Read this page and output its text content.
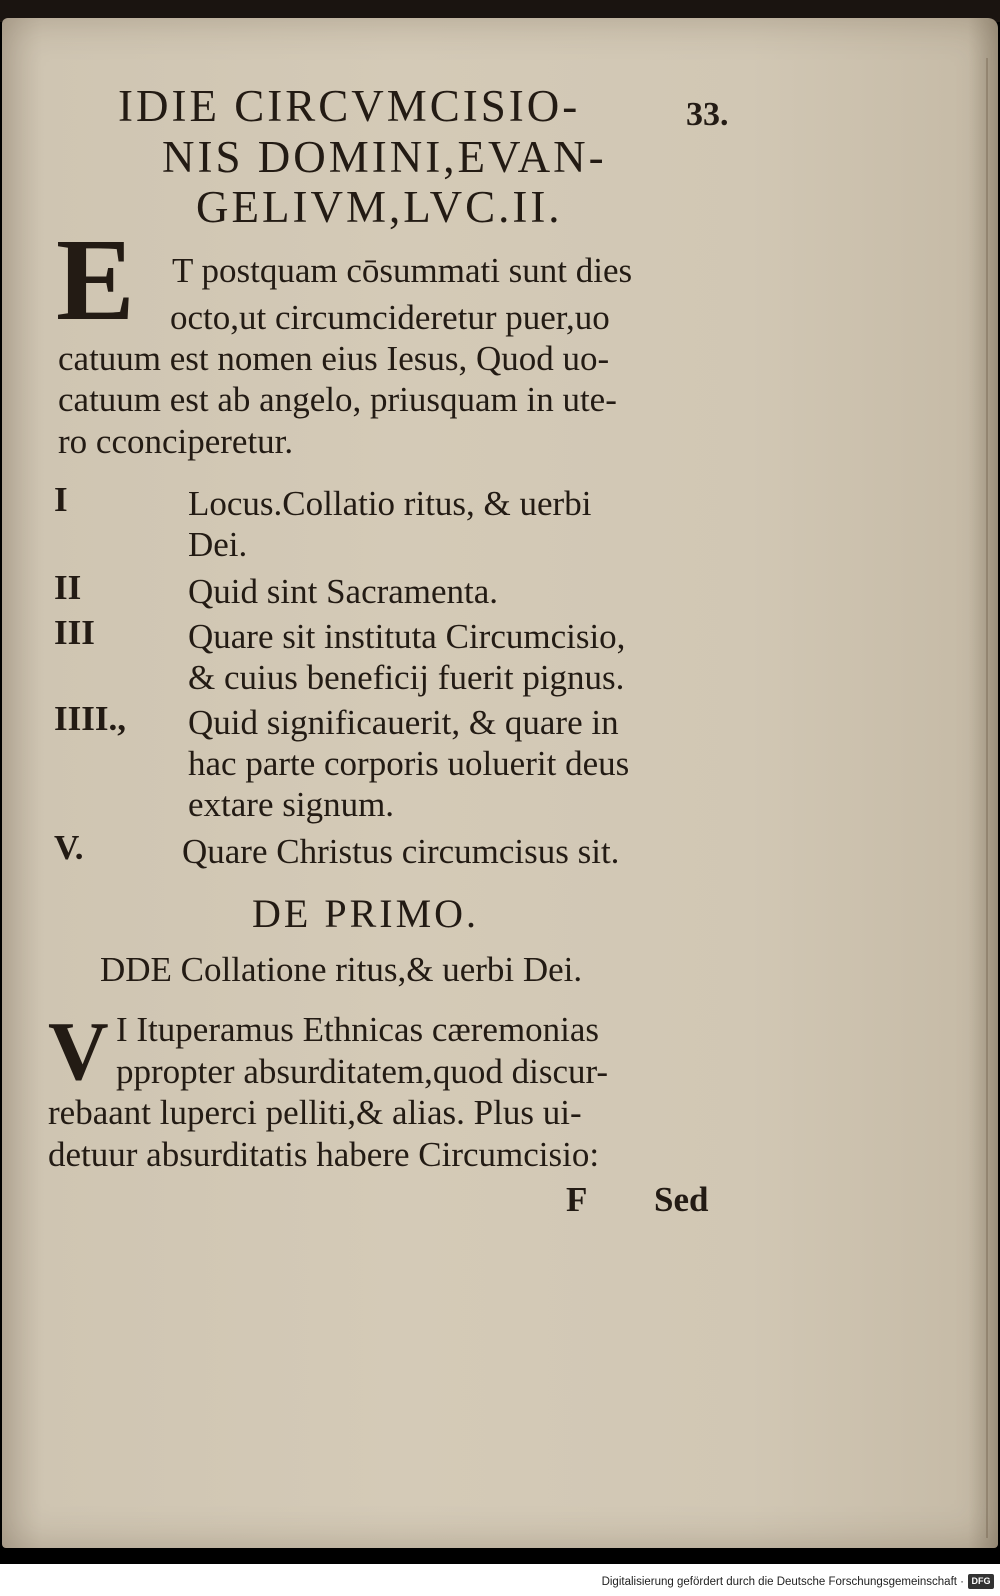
IDIE CIRCVMCISIO-
NIS DOMINI,EVAN-
GELIVM,LVC.II.
33.
E T postquam cōsummati sunt dies
octo,ut circumcideretur puer,uo
catuum est nomen eius Iesus, Quod uo-
catuum est ab angelo, priusquam in ute-
ro cconciperetur.
I	Locus.Collatio ritus, & uerbi
Dei.
II	Quid sint Sacramenta.
III	Quare sit instituta Circumcisio,
& cuius beneficij fuerit pignus.
IIII., Quid significauerit, & quare in
hac parte corporis uoluerit deus
extare signum.
V.	Quare Christus circumcisus sit.
DE PRIMO.
DDE Collatione ritus,& uerbi Dei.
V I Ituperamus Ethnicas cæremonias
ppropter absurditatem,quod discur-
rebaant luperci pelliti,& alias. Plus ui-
detuur absurditatis habere Circumcisio:
F Sed
Digitalisierung gefördert durch die Deutsche Forschungsgemeinschaft · DFG
